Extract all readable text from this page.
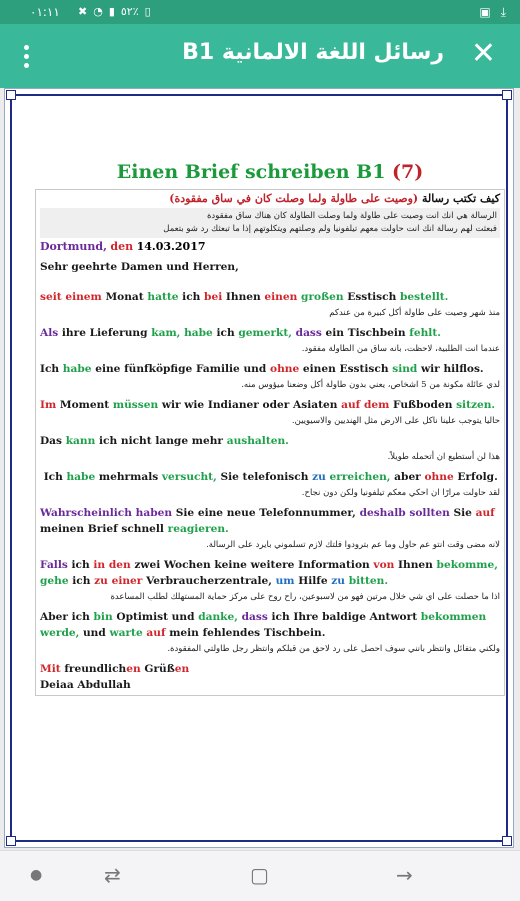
✖ ◔ ▮ ٥٢٪ ▯
٠١:١١	▣ ⤓
رسائل اللغة الالمانية B1 ✕
Einen Brief schreiben B1 (7)
كيف تكتب رسالة (وصيت على طاولة ولما وصلت كان في ساق مفقودة)
الرسالة هي انك انت وصيت على طاولة ولما وصلت الطاولة كان هناك ساق مفقودة
فبعثت لهم رسالة انك انت حاولت معهم تيلفونيا ولم وصلتهم ويتكلوتهم إذا ما تبعثك رد شو بتعمل
Dortmund, den 14.03.2017
Sehr geehrte Damen und Herren,
seit einem Monat hatte ich bei Ihnen einen großen Esstisch bestellt.
منذ شهر وصيت على طاولة أكل كبيرة من عندكم
Als ihre Lieferung kam, habe ich gemerkt, dass ein Tischbein fehlt.
عندما انت الطلبية، لاحظت، بانه ساق من الطاولة مفقود.
Ich habe eine fünfköpfige Familie und ohne einen Esstisch sind wir hilflos.
لدي عائلة مكونة من 5 اشخاص، يعني بدون طاولة أكل وضعنا ميؤوس منه.
Im Moment müssen wir wie Indianer oder Asiaten auf dem Fußboden sitzen.
حاليا يتوجب علينا ناكل على الارض مثل الهنديين والاسيويين.
Das kann ich nicht lange mehr aushalten.
هذا لن أستطيع ان أتحمله طويلاً.
Ich habe mehrmals versucht, Sie telefonisch zu erreichen, aber ohne Erfolg.
لقد حاولت مرارًا ان احكي معكم تيلفونيا ولكن دون نجاح.
Wahrscheinlich haben Sie eine neue Telefonnummer, deshalb sollten Sie auf meinen Brief schnell reagieren.
لانه مضى وقت انتو عم حاول وما عم بترودوا فلتك لازم تسلموني بايرد على الرسالة.
Falls ich in den zwei Wochen keine weitere Information von Ihnen bekomme, gehe ich zu einer Verbraucherzentrale, um Hilfe zu bitten.
اذا ما حصلت على اي شي خلال مرتين فهو من لاسبوعين، راح روح على مركز حماية المستهلك لطلب المساعدة
Aber ich bin Optimist und danke, dass ich Ihre baldige Antwort bekommen werde, und warte auf mein fehlendes Tischbein.
ولكني متفائل وانتظر بانني سوف احصل على رد لاحق من قبلكم وانتظر رجل طاولتي المفقودة.
Mit freundlichen Grüßen
Deiaa Abdullah
●	⇄	▢	→
